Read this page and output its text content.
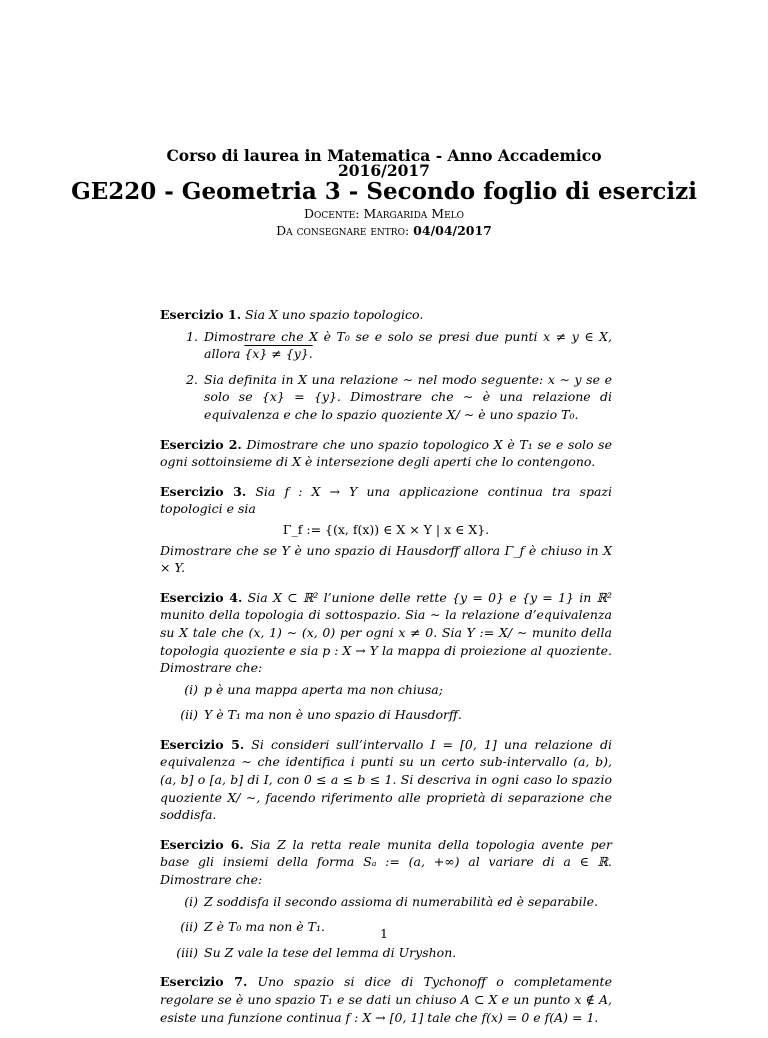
Corso di laurea in Matematica - Anno Accademico
2016/2017
GE220 - Geometria 3 - Secondo foglio di esercizi
Docente: Margarida Melo
Da consegnare entro: 04/04/2017
Esercizio 1. Sia X uno spazio topologico.
1. Dimostrare che X è T₀ se e solo se presi due punti x ≠ y ∈ X, allora {x} ≠ {y}.
2. Sia definita in X una relazione ∼ nel modo seguente: x ∼ y se e solo se {x} = {y}. Dimostrare che ∼ è una relazione di equivalenza e che lo spazio quoziente X/ ∼ è uno spazio T₀.
Esercizio 2. Dimostrare che uno spazio topologico X è T₁ se e solo se ogni sottoinsieme di X è intersezione degli aperti che lo contengono.
Esercizio 3. Sia f : X → Y una applicazione continua tra spazi topologici e sia
Γ_f := {(x, f(x)) ∈ X × Y | x ∈ X}.
Dimostrare che se Y è uno spazio di Hausdorff allora Γ_f è chiuso in X × Y.
Esercizio 4. Sia X ⊂ ℝ² l’unione delle rette {y = 0} e {y = 1} in ℝ² munito della topologia di sottospazio. Sia ∼ la relazione d’equivalenza su X tale che (x, 1) ∼ (x, 0) per ogni x ≠ 0. Sia Y := X/ ∼ munito della topologia quoziente e sia p : X → Y la mappa di proiezione al quoziente. Dimostrare che:
(i) p è una mappa aperta ma non chiusa;
(ii) Y è T₁ ma non è uno spazio di Hausdorff.
Esercizio 5. Si consideri sull’intervallo I = [0, 1] una relazione di equivalenza ∼ che identifica i punti su un certo sub-intervallo (a, b), (a, b] o [a, b] di I, con 0 ≤ a ≤ b ≤ 1. Si descriva in ogni caso lo spazio quoziente X/ ∼, facendo riferimento alle proprietà di separazione che soddisfa.
Esercizio 6. Sia Z la retta reale munita della topologia avente per base gli insiemi della forma Sₐ := (a, +∞) al variare di a ∈ ℝ. Dimostrare che:
(i) Z soddisfa il secondo assioma di numerabilità ed è separabile.
(ii) Z è T₀ ma non è T₁.
(iii) Su Z vale la tese del lemma di Uryshon.
Esercizio 7. Uno spazio si dice di Tychonoff o completamente regolare se è uno spazio T₁ e se dati un chiuso A ⊂ X e un punto x ∉ A, esiste una funzione continua f : X → [0, 1] tale che f(x) = 0 e f(A) = 1.
1
